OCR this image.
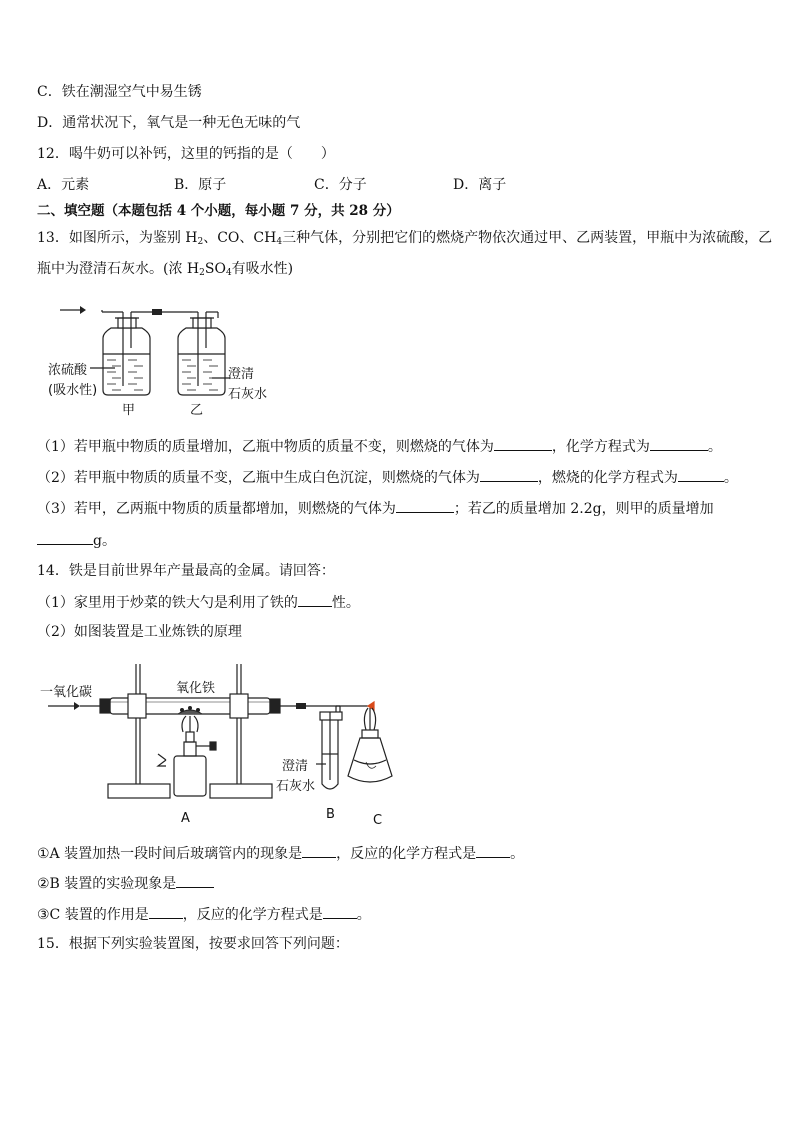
C．铁在潮湿空气中易生锈
D．通常状况下，氧气是一种无色无味的气
12．喝牛奶可以补钙，这里的钙指的是（　　）
A．元素	B．原子	C．分子	D．离子
二、填空题（本题包括 4 个小题，每小题 7 分，共 28 分）
13．如图所示，为鉴别 $H_2$、CO、$CH_4$三种气体，分别把它们的燃烧产物依次通过甲、乙两装置，甲瓶中为浓硫酸，乙
瓶中为澄清石灰水。(浓 $H_2SO_4$有吸水性)
浓硫酸
(吸水性)
澄清
石灰水
甲	乙
（1）若甲瓶中物质的质量增加，乙瓶中物质的质量不变，则燃烧的气体为	，化学方程式为	。
（2）若甲瓶中物质的质量不变，乙瓶中生成白色沉淀，则燃烧的气体为	，燃烧的化学方程式为	。
（3）若甲，乙两瓶中物质的质量都增加，则燃烧的气体为	；若乙的质量增加 2.2g，则甲的质量增加
g。
14．铁是目前世界年产量最高的金属。请回答：
（1）家里用于炒菜的铁大勺是利用了铁的 性。
（2）如图装置是工业炼铁的原理
一氧化碳	氧化铁
澄清
石灰水
A	B	C
①A 装置加热一段时间后玻璃管内的现象是 ，反应的化学方程式是 。
②B 装置的实验现象是
③C 装置的作用是 ，反应的化学方程式是 。
15．根据下列实验装置图，按要求回答下列问题：
